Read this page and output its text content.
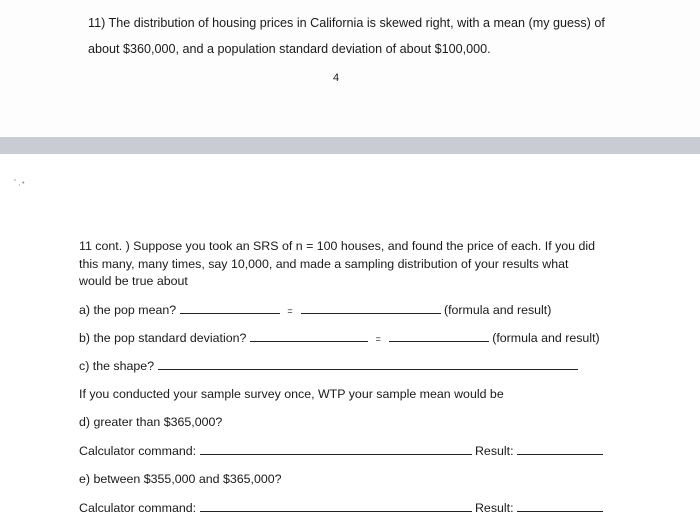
11) The distribution of housing prices in California is skewed right, with a mean (my guess) of
about $360,000, and a population standard deviation of about $100,000.
4
˚ , •
11 cont. ) Suppose you took an SRS of n = 100 houses, and found the price of each. If you did
this many, many times, say 10,000, and made a sampling distribution of your results what
would be true about
a) the pop mean?	=	(formula and result)
b) the pop standard deviation?	=	(formula and result)
c) the shape?
If you conducted your sample survey once, WTP your sample mean would be
d) greater than $365,000?
Calculator command:	Result:
e) between $355,000 and $365,000?
Calculator command:	Result:
